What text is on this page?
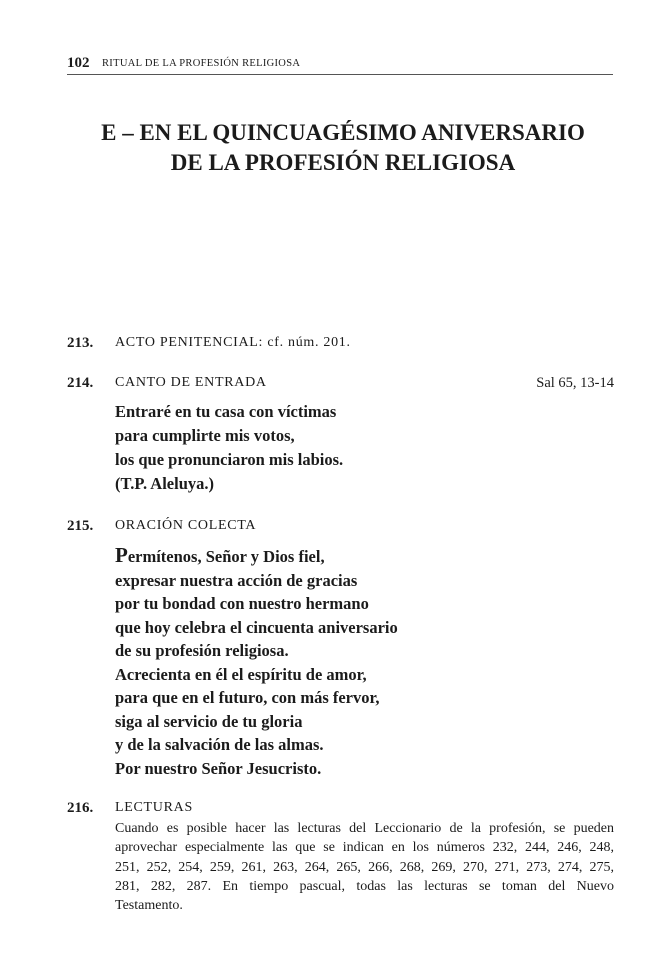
102 RITUAL DE LA PROFESIÓN RELIGIOSA
E – EN EL QUINCUAGÉSIMO ANIVERSARIO
DE LA PROFESIÓN RELIGIOSA
213. ACTO PENITENCIAL: cf. núm. 201.
214. CANTO DE ENTRADA	Sal 65, 13-14
Entraré en tu casa con víctimas
para cumplirte mis votos,
los que pronunciaron mis labios.
(T.P. Aleluya.)
215. ORACIÓN COLECTA
Permítenos, Señor y Dios fiel,
expresar nuestra acción de gracias
por tu bondad con nuestro hermano
que hoy celebra el cincuenta aniversario
de su profesión religiosa.
Acrecienta en él el espíritu de amor,
para que en el futuro, con más fervor,
siga al servicio de tu gloria
y de la salvación de las almas.
Por nuestro Señor Jesucristo.
216. LECTURAS
Cuando es posible hacer las lecturas del Leccionario de la profesión, se pueden
aprovechar especialmente las que se indican en los números 232, 244, 246, 248,
251, 252, 254, 259, 261, 263, 264, 265, 266, 268, 269, 270, 271, 273, 274, 275,
281, 282, 287. En tiempo pascual, todas las lecturas se toman del Nuevo
Testamento.
